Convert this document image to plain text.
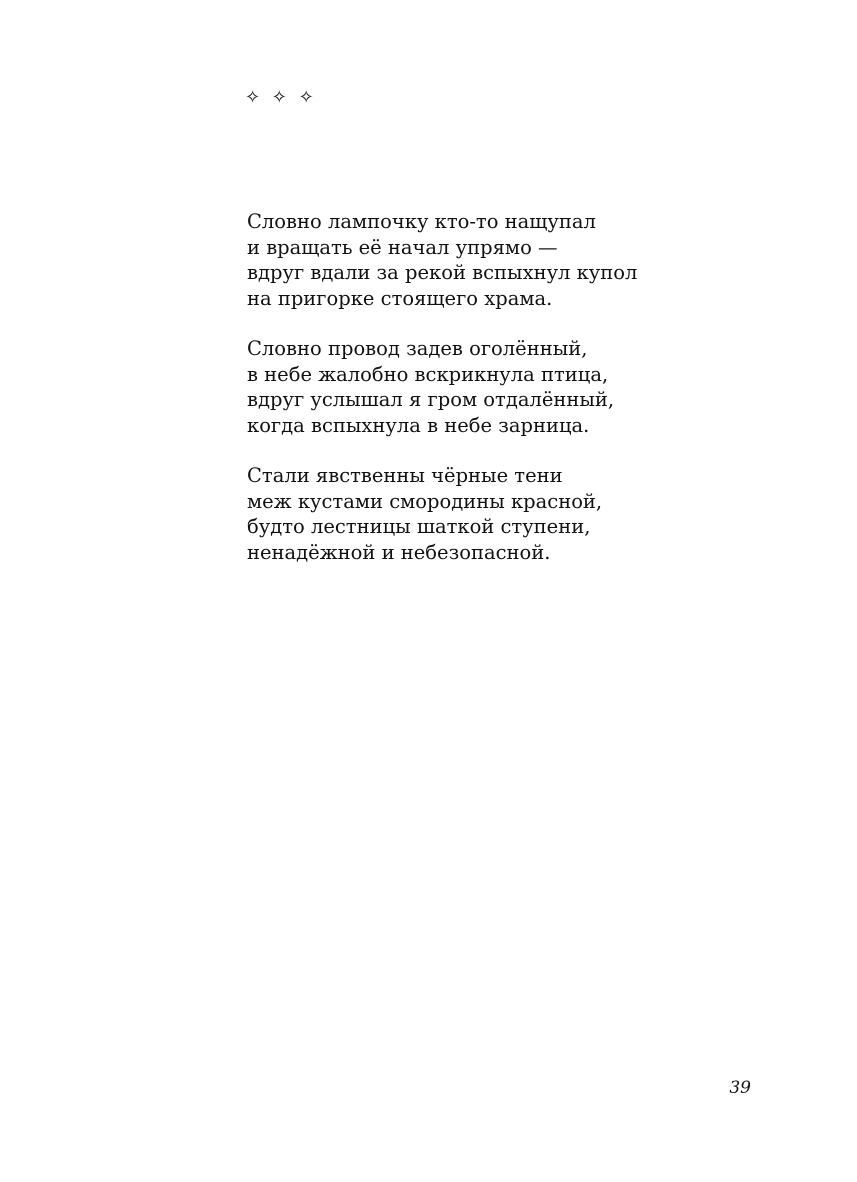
✧ ✧ ✧
Словно лампочку кто-то нащупал
и вращать её начал упрямо —
вдруг вдали за рекой вспыхнул купол
на пригорке стоящего храма.
Словно провод задев оголённый,
в небе жалобно вскрикнула птица,
вдруг услышал я гром отдалённый,
когда вспыхнула в небе зарница.
Стали явственны чёрные тени
меж кустами смородины красной,
будто лестницы шаткой ступени,
ненадёжной и небезопасной.
39
